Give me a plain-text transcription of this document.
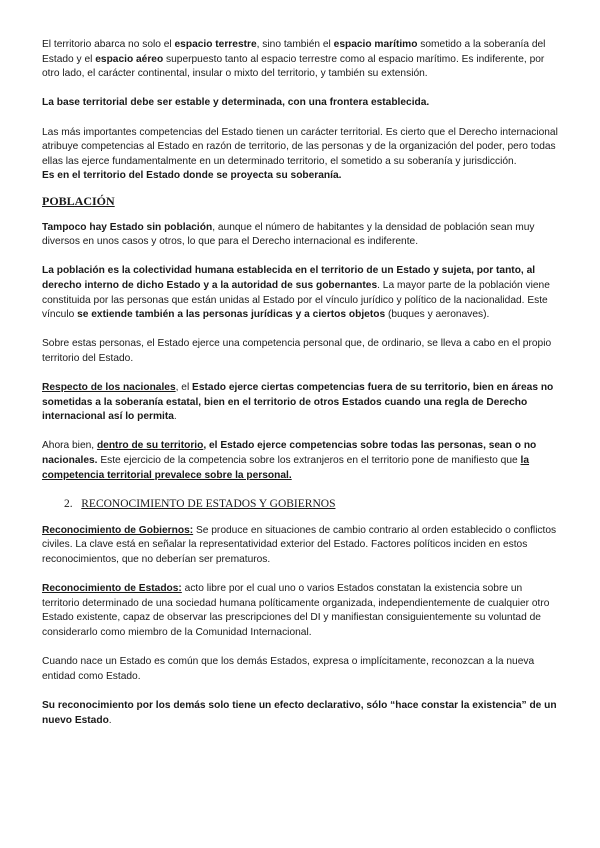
El territorio abarca no solo el espacio terrestre, sino también el espacio marítimo sometido a la soberanía del Estado y el espacio aéreo superpuesto tanto al espacio terrestre como al espacio marítimo. Es indiferente, por otro lado, el carácter continental, insular o mixto del territorio, y también su extensión.

La base territorial debe ser estable y determinada, con una frontera establecida.

Las más importantes competencias del Estado tienen un carácter territorial. Es cierto que el Derecho internacional atribuye competencias al Estado en razón de territorio, de las personas y de la organización del poder, pero todas ellas las ejerce fundamentalmente en un determinado territorio, el sometido a su soberanía y jurisdicción.

Es en el territorio del Estado donde se proyecta su soberanía.

POBLACIÓN

Tampoco hay Estado sin población, aunque el número de habitantes y la densidad de población sean muy diversos en unos casos y otros, lo que para el Derecho internacional es indiferente.

La población es la colectividad humana establecida en el territorio de un Estado y sujeta, por tanto, al derecho interno de dicho Estado y a la autoridad de sus gobernantes. La mayor parte de la población viene constituida por las personas que están unidas al Estado por el vínculo jurídico y político de la nacionalidad. Este vínculo se extiende también a las personas jurídicas y a ciertos objetos (buques y aeronaves).

Sobre estas personas, el Estado ejerce una competencia personal que, de ordinario, se lleva a cabo en el propio territorio del Estado.

Respecto de los nacionales, el Estado ejerce ciertas competencias fuera de su territorio, bien en áreas no sometidas a la soberanía estatal, bien en el territorio de otros Estados cuando una regla de Derecho internacional así lo permita.

Ahora bien, dentro de su territorio, el Estado ejerce competencias sobre todas las personas, sean o no nacionales. Este ejercicio de la competencia sobre los extranjeros en el territorio pone de manifiesto que la competencia territorial prevalece sobre la personal.

2. RECONOCIMIENTO DE ESTADOS Y GOBIERNOS

Reconocimiento de Gobiernos: Se produce en situaciones de cambio contrario al orden establecido o conflictos civiles. La clave está en señalar la representatividad exterior del Estado. Factores políticos inciden en estos reconocimientos, que no deberían ser prematuros.

Reconocimiento de Estados: acto libre por el cual uno o varios Estados constatan la existencia sobre un territorio determinado de una sociedad humana políticamente organizada, independientemente de cualquier otro Estado existente, capaz de observar las prescripciones del DI y manifiestan consiguientemente su voluntad de considerarlo como miembro de la Comunidad Internacional.

Cuando nace un Estado es común que los demás Estados, expresa o implícitamente, reconozcan a la nueva entidad como Estado.

Su reconocimiento por los demás solo tiene un efecto declarativo, sólo “hace constar la existencia” de un nuevo Estado.
